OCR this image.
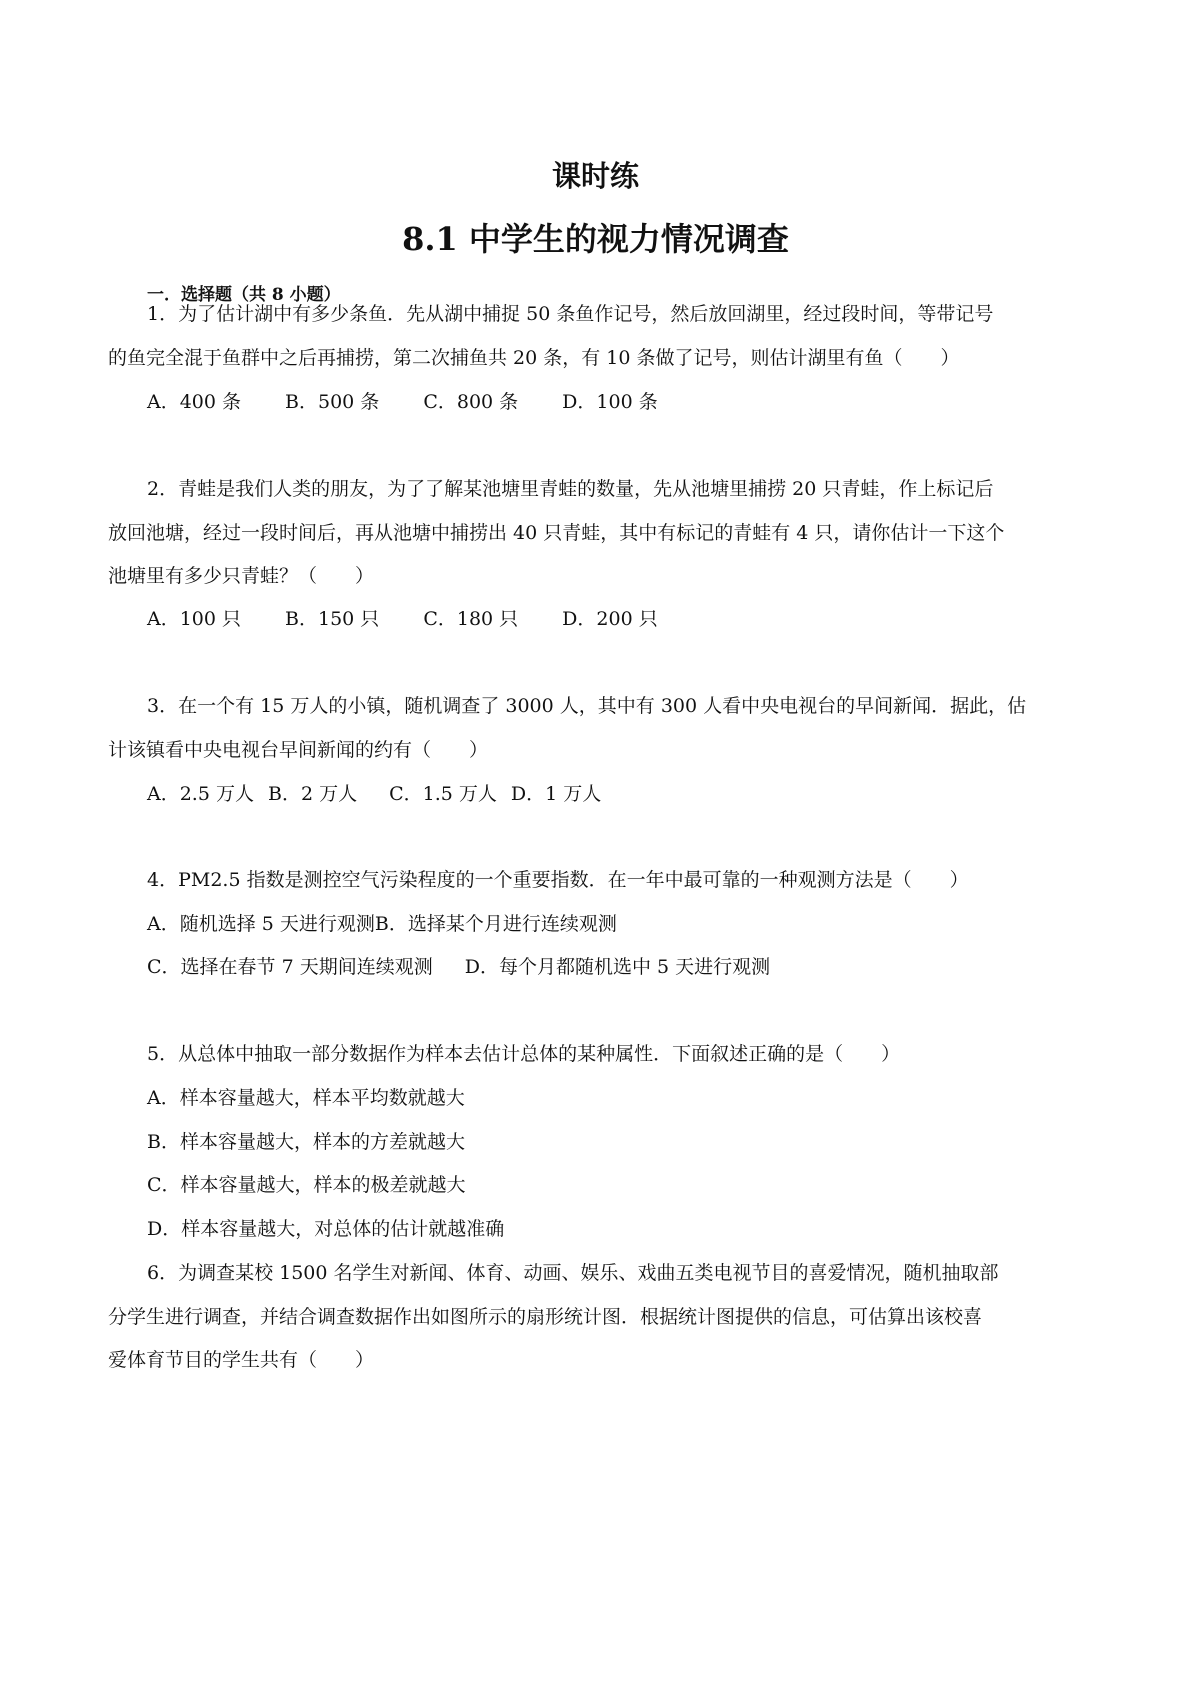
课时练
8.1 中学生的视力情况调查
一．选择题（共 8 小题）
1．为了估计湖中有多少条鱼．先从湖中捕捉 50 条鱼作记号，然后放回湖里，经过段时间，等带记号
的鱼完全混于鱼群中之后再捕捞，第二次捕鱼共 20 条，有 10 条做了记号，则估计湖里有鱼（　　）
A．400 条 B．500 条 C．800 条 D．100 条
2．青蛙是我们人类的朋友，为了了解某池塘里青蛙的数量，先从池塘里捕捞 20 只青蛙，作上标记后
放回池塘，经过一段时间后，再从池塘中捕捞出 40 只青蛙，其中有标记的青蛙有 4 只，请你估计一下这个
池塘里有多少只青蛙？（　　）
A．100 只 B．150 只 C．180 只 D．200 只
3．在一个有 15 万人的小镇，随机调查了 3000 人，其中有 300 人看中央电视台的早间新闻．据此，估
计该镇看中央电视台早间新闻的约有（　　）
A．2.5 万人 B．2 万人 C．1.5 万人 D．1 万人
4．PM2.5 指数是测控空气污染程度的一个重要指数．在一年中最可靠的一种观测方法是（　　）
A．随机选择 5 天进行观测B．选择某个月进行连续观测
C．选择在春节 7 天期间连续观测 D．每个月都随机选中 5 天进行观测
5．从总体中抽取一部分数据作为样本去估计总体的某种属性．下面叙述正确的是（　　）
A．样本容量越大，样本平均数就越大
B．样本容量越大，样本的方差就越大
C．样本容量越大，样本的极差就越大
D．样本容量越大，对总体的估计就越准确
6．为调查某校 1500 名学生对新闻、体育、动画、娱乐、戏曲五类电视节目的喜爱情况，随机抽取部
分学生进行调查，并结合调查数据作出如图所示的扇形统计图．根据统计图提供的信息，可估算出该校喜
爱体育节目的学生共有（　　）
